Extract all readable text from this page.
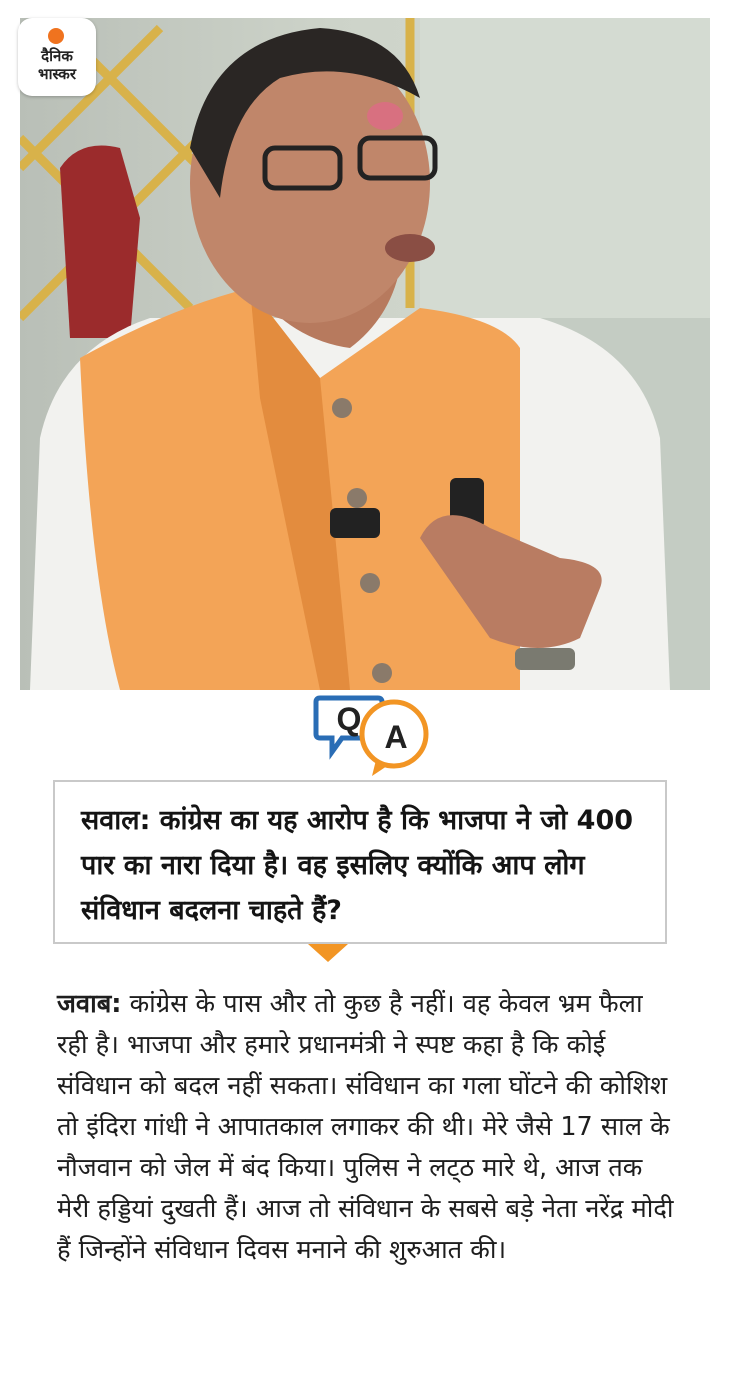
दैनिक
भास्कर
Q A

सवाल: कांग्रेस का यह आरोप है कि भाजपा ने जो 400 पार का नारा दिया है। वह इसलिए क्योंकि आप लोग संविधान बदलना चाहते हैं?

जवाब: कांग्रेस के पास और तो कुछ है नहीं। वह केवल भ्रम फैला रही है। भाजपा और हमारे प्रधानमंत्री ने स्पष्ट कहा है कि कोई संविधान को बदल नहीं सकता। संविधान का गला घोंटने की कोशिश तो इंदिरा गांधी ने आपातकाल लगाकर की थी। मेरे जैसे 17 साल के नौजवान को जेल में बंद किया। पुलिस ने लट्‌ठ मारे थे, आज तक मेरी हड्डियां दुखती हैं। आज तो संविधान के सबसे बड़े नेता नरेंद्र मोदी हैं जिन्होंने संविधान दिवस मनाने की शुरुआत की।
